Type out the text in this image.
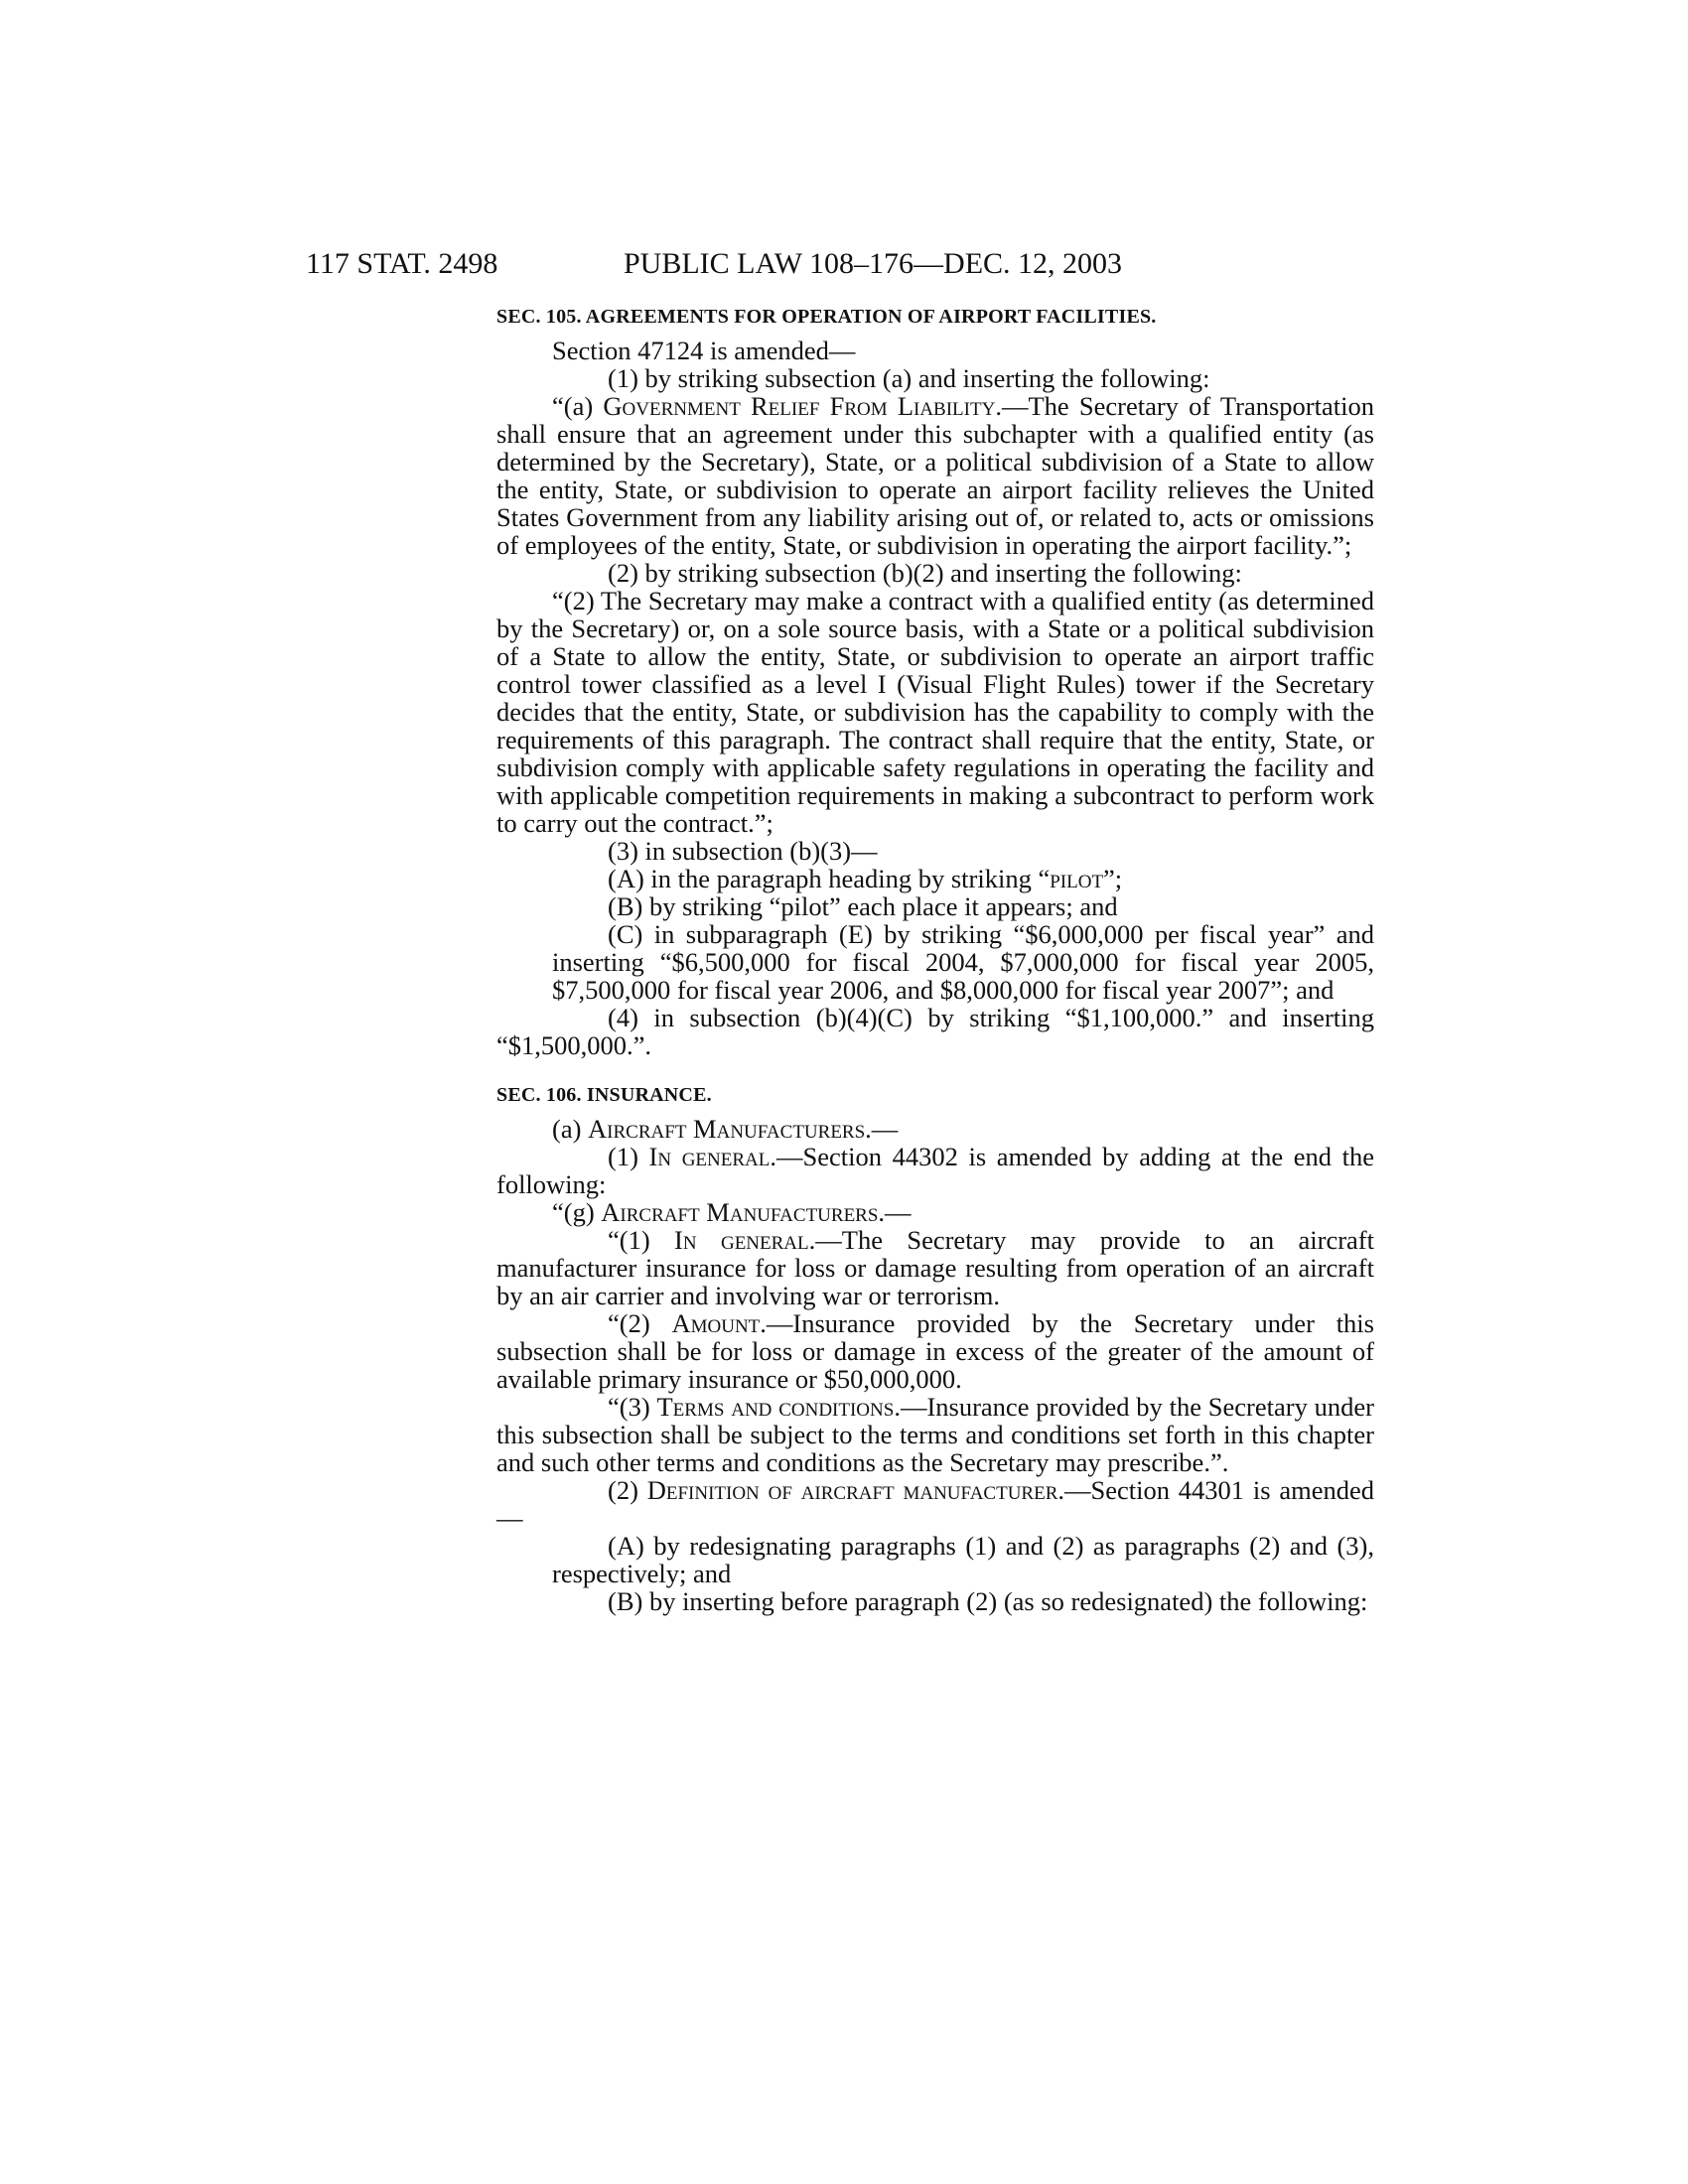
117 STAT. 2498	PUBLIC LAW 108–176—DEC. 12, 2003

SEC. 105. AGREEMENTS FOR OPERATION OF AIRPORT FACILITIES.

Section 47124 is amended—

(1) by striking subsection (a) and inserting the following:

“(a) Government Relief From Liability.—The Secretary of Transportation shall ensure that an agreement under this subchapter with a qualified entity (as determined by the Secretary), State, or a political subdivision of a State to allow the entity, State, or subdivision to operate an airport facility relieves the United States Government from any liability arising out of, or related to, acts or omissions of employees of the entity, State, or subdivision in operating the airport facility.”;

(2) by striking subsection (b)(2) and inserting the following:

“(2) The Secretary may make a contract with a qualified entity (as determined by the Secretary) or, on a sole source basis, with a State or a political subdivision of a State to allow the entity, State, or subdivision to operate an airport traffic control tower classified as a level I (Visual Flight Rules) tower if the Secretary decides that the entity, State, or subdivision has the capability to comply with the requirements of this paragraph. The contract shall require that the entity, State, or subdivision comply with applicable safety regulations in operating the facility and with applicable competition requirements in making a subcontract to perform work to carry out the contract.”;

(3) in subsection (b)(3)—

(A) in the paragraph heading by striking “pilot”;

(B) by striking “pilot” each place it appears; and

(C) in subparagraph (E) by striking “$6,000,000 per fiscal year” and inserting “$6,500,000 for fiscal 2004, $7,000,000 for fiscal year 2005, $7,500,000 for fiscal year 2006, and $8,000,000 for fiscal year 2007”; and

(4) in subsection (b)(4)(C) by striking “$1,100,000.” and inserting “$1,500,000.”.

SEC. 106. INSURANCE.

(a) Aircraft Manufacturers.—

(1) In general.—Section 44302 is amended by adding at the end the following:

“(g) Aircraft Manufacturers.—

“(1) In general.—The Secretary may provide to an aircraft manufacturer insurance for loss or damage resulting from operation of an aircraft by an air carrier and involving war or terrorism.

“(2) Amount.—Insurance provided by the Secretary under this subsection shall be for loss or damage in excess of the greater of the amount of available primary insurance or $50,000,000.

“(3) Terms and conditions.—Insurance provided by the Secretary under this subsection shall be subject to the terms and conditions set forth in this chapter and such other terms and conditions as the Secretary may prescribe.”.

(2) Definition of aircraft manufacturer.—Section 44301 is amended—

(A) by redesignating paragraphs (1) and (2) as paragraphs (2) and (3), respectively; and

(B) by inserting before paragraph (2) (as so redesignated) the following:
